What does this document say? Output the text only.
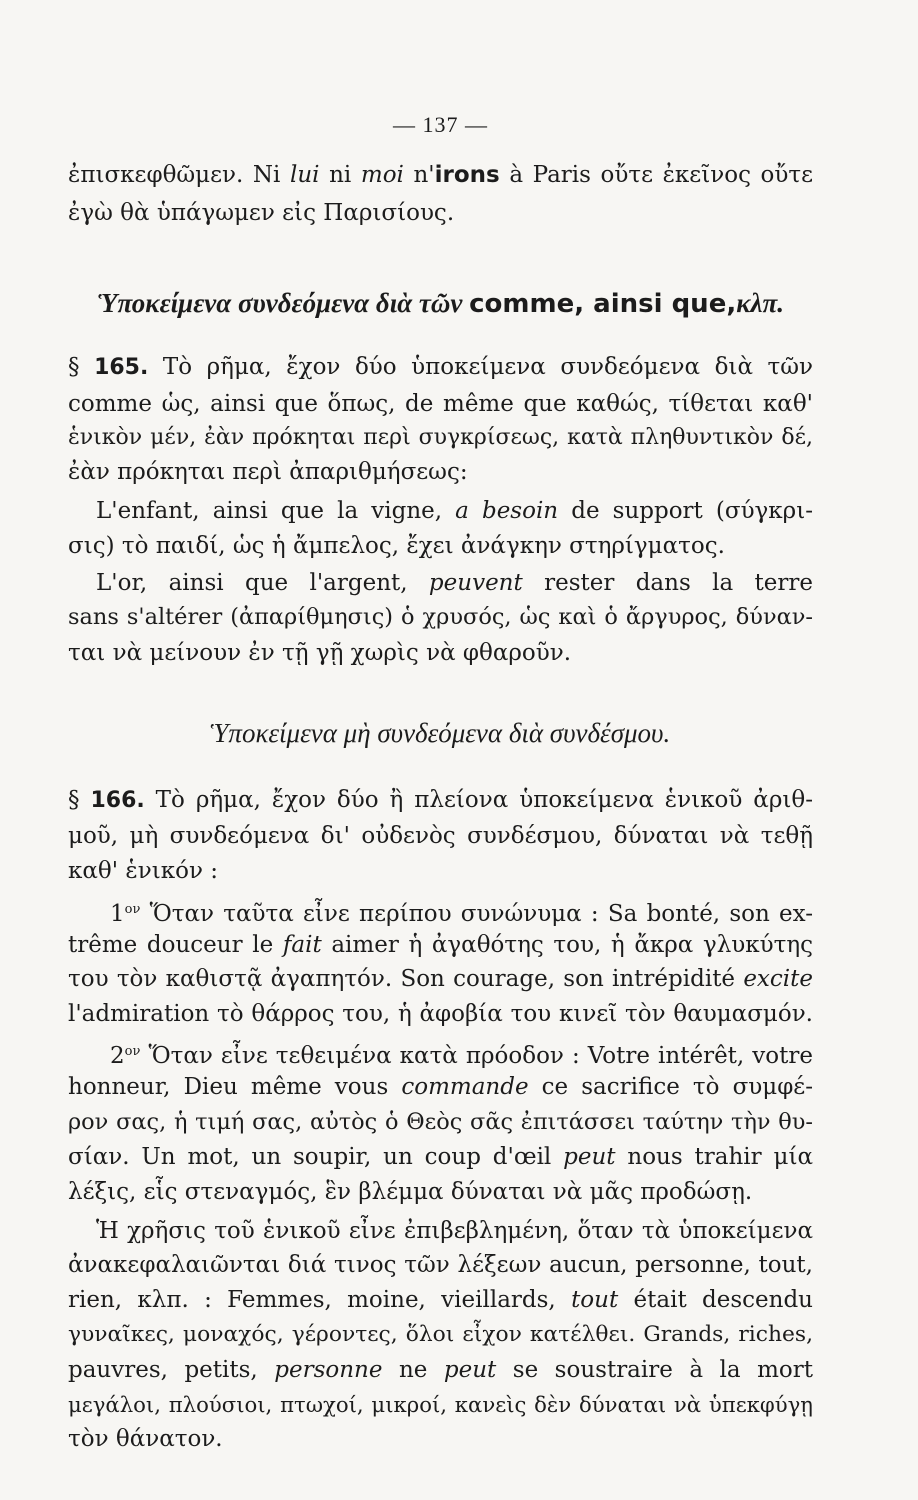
— 137 —
ἐπισκεφθῶμεν. Ni lui ni moi n'irons à Paris οὔτε ἐκεῖνος οὔτε
ἐγὼ θὰ ὑπάγωμεν εἰς Παρισίους.
Ὑποκείμενα συνδεόμενα διὰ τῶν comme, ainsi que,κλπ.
§ 165. Τὸ ρῆμα, ἔχον δύο ὑποκείμενα συνδεόμενα διὰ τῶν
comme ὡς, ainsi que ὅπως, de même que καθώς, τίθεται καθ'
ἑνικὸν μέν, ἐὰν πρόκηται περὶ συγκρίσεως, κατὰ πληθυντικὸν δέ,
ἐὰν πρόκηται περὶ ἀπαριθμήσεως:
L'enfant, ainsi que la vigne, a besoin de support (σύγκρι-
σις) τὸ παιδί, ὡς ἡ ἄμπελος, ἔχει ἀνάγκην στηρίγματος.
L'or, ainsi que l'argent, peuvent rester dans la terre
sans s'altérer (ἀπαρίθμησις) ὁ χρυσός, ὡς καὶ ὁ ἄργυρος, δύναν-
ται νὰ μείνουν ἐν τῇ γῇ χωρὶς νὰ φθαροῦν.
Ὑποκείμενα μὴ συνδεόμενα διὰ συνδέσμου.
§ 166. Τὸ ρῆμα, ἔχον δύο ἢ πλείονα ὑποκείμενα ἑνικοῦ ἀριθ-
μοῦ, μὴ συνδεόμενα δι' οὐδενὸς συνδέσμου, δύναται νὰ τεθῇ
καθ' ἑνικόν :
$1^{o\nu}$ Ὅταν ταῦτα εἶνε περίπου συνώνυμα : Sa bonté, son ex-
trême douceur le fait aimer ἡ ἀγαθότης του, ἡ ἄκρα γλυκύτης
του τὸν καθιστᾷ ἀγαπητόν. Son courage, son intrépidité excite
l'admiration τὸ θάρρος του, ἡ ἀφοβία του κινεῖ τὸν θαυμασμόν.
$2^{o\nu}$ Ὅταν εἶνε τεθειμένα κατὰ πρόοδον : Votre intérêt, votre
honneur, Dieu même vous commande ce sacrifice τὸ συμφέ-
ρον σας, ἡ τιμή σας, αὐτὸς ὁ Θεὸς σᾶς ἐπιτάσσει ταύτην τὴν θυ-
σίαν. Un mot, un soupir, un coup d'œil peut nous trahir μία
λέξις, εἷς στεναγμός, ἓν βλέμμα δύναται νὰ μᾶς προδώσῃ.
Ἡ χρῆσις τοῦ ἑνικοῦ εἶνε ἐπιβεβλημένη, ὅταν τὰ ὑποκείμενα
ἀνακεφαλαιῶνται διά τινος τῶν λέξεων aucun, personne, tout,
rien, κλπ. : Femmes, moine, vieillards, tout était descendu
γυναῖκες, μοναχός, γέροντες, ὅλοι εἶχον κατέλθει. Grands, riches,
pauvres, petits, personne ne peut se soustraire à la mort
μεγάλοι, πλούσιοι, πτωχοί, μικροί, κανεὶς δὲν δύναται νὰ ὑπεκφύγῃ
τὸν θάνατον.
